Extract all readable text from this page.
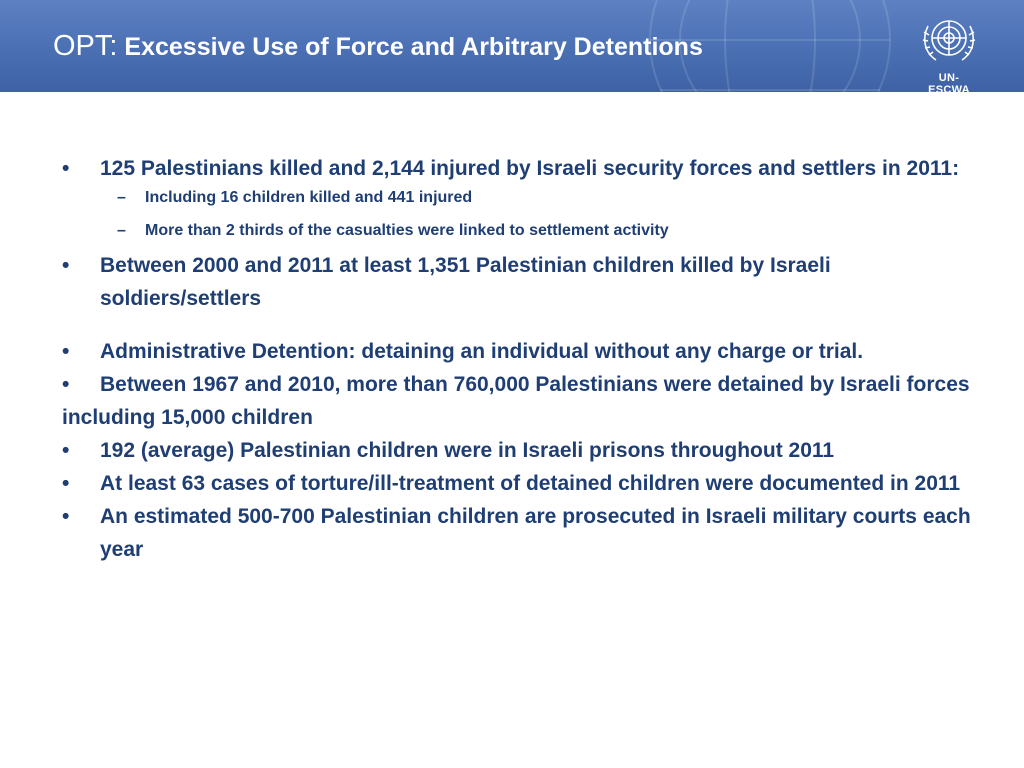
OPT: Excessive Use of Force and Arbitrary Detentions
UN-ESCWA

• 125 Palestinians killed and 2,144 injured by Israeli security forces and settlers in 2011:

– Including 16 children killed and 441 injured

– More than 2 thirds of the casualties were linked to settlement activity

• Between 2000 and 2011 at least 1,351 Palestinian children killed by Israeli soldiers/settlers

• Administrative Detention: detaining an individual without any charge or trial.

• Between 1967 and 2010, more than 760,000 Palestinians were detained by Israeli forces including 15,000 children

• 192 (average) Palestinian children were in Israeli prisons throughout 2011

• At least 63 cases of torture/ill-treatment of detained children were documented in 2011

• An estimated 500-700 Palestinian children are prosecuted in Israeli military courts each year
